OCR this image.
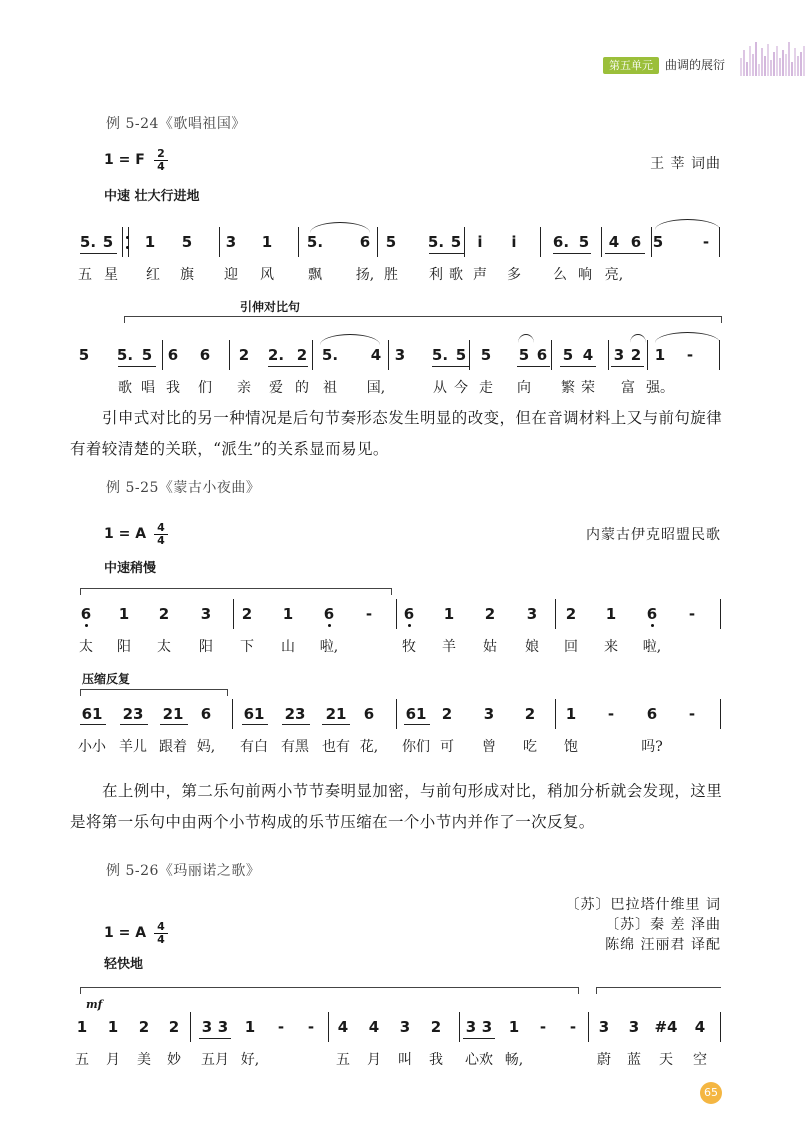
第五单元	曲调的展衍
例 5-24《歌唱祖国》
1 = F $\frac{2}{4}$	王 莘 词曲
中速 壮大行进地
5. 5 1 5 3 1	5.	6 5	5. 5	i	i	6. 5 4 6 5	-
五 星 红 旗 迎 风 飘	扬, 胜 利 歌 声 多 么 响 亮,
引伸对比句
5	5. 5 6 6 2	2. 2 5.	4 3	5. 5 5 5 6 5 4 3 2 1	-
歌 唱 我 们 亲 爱 的 祖	国,	从 今 走 向 繁 荣 富 强。
引申式对比的另一种情况是后句节奏形态发生明显的改变，但在音调材料上又与前句旋律有着较清楚的关联，“派生”的关系显而易见。
例 5-25《蒙古小夜曲》
1 = A $\frac{4}{4}$	内蒙古伊克昭盟民歌
中速稍慢
6 1 2 3 2 1 6	-	6 1 2 3 2 1 6	-
太 阳 太 阳 下 山	啦,	牧 羊 姑 娘 回 来	啦,
压缩反复
61 23 21 6 61 23 21 6 61 2 3 2 1	-	6	-
小小 羊儿 跟着 妈,	有白 有黑 也有 花,	你们 可 曾 吃 饱	吗?
在上例中，第二乐句前两小节节奏明显加密，与前句形成对比，稍加分析就会发现，这里是将第一乐句中由两个小节构成的乐节压缩在一个小节内并作了一次反复。
例 5-26《玛丽诺之歌》
〔苏〕巴拉塔什维里 词
〔苏〕秦 差 泽曲
陈绵 汪丽君 译配
1 = A $\frac{4}{4}$
轻快地
mf
1 1 2 2 3 3 1	-	-	4 4 3 2 3 3 1	-	-	3 3 #4 4
五 月 美 妙 五月 好,	五 月 叫 我 心欢 畅,	蔚 蓝 天 空
65
